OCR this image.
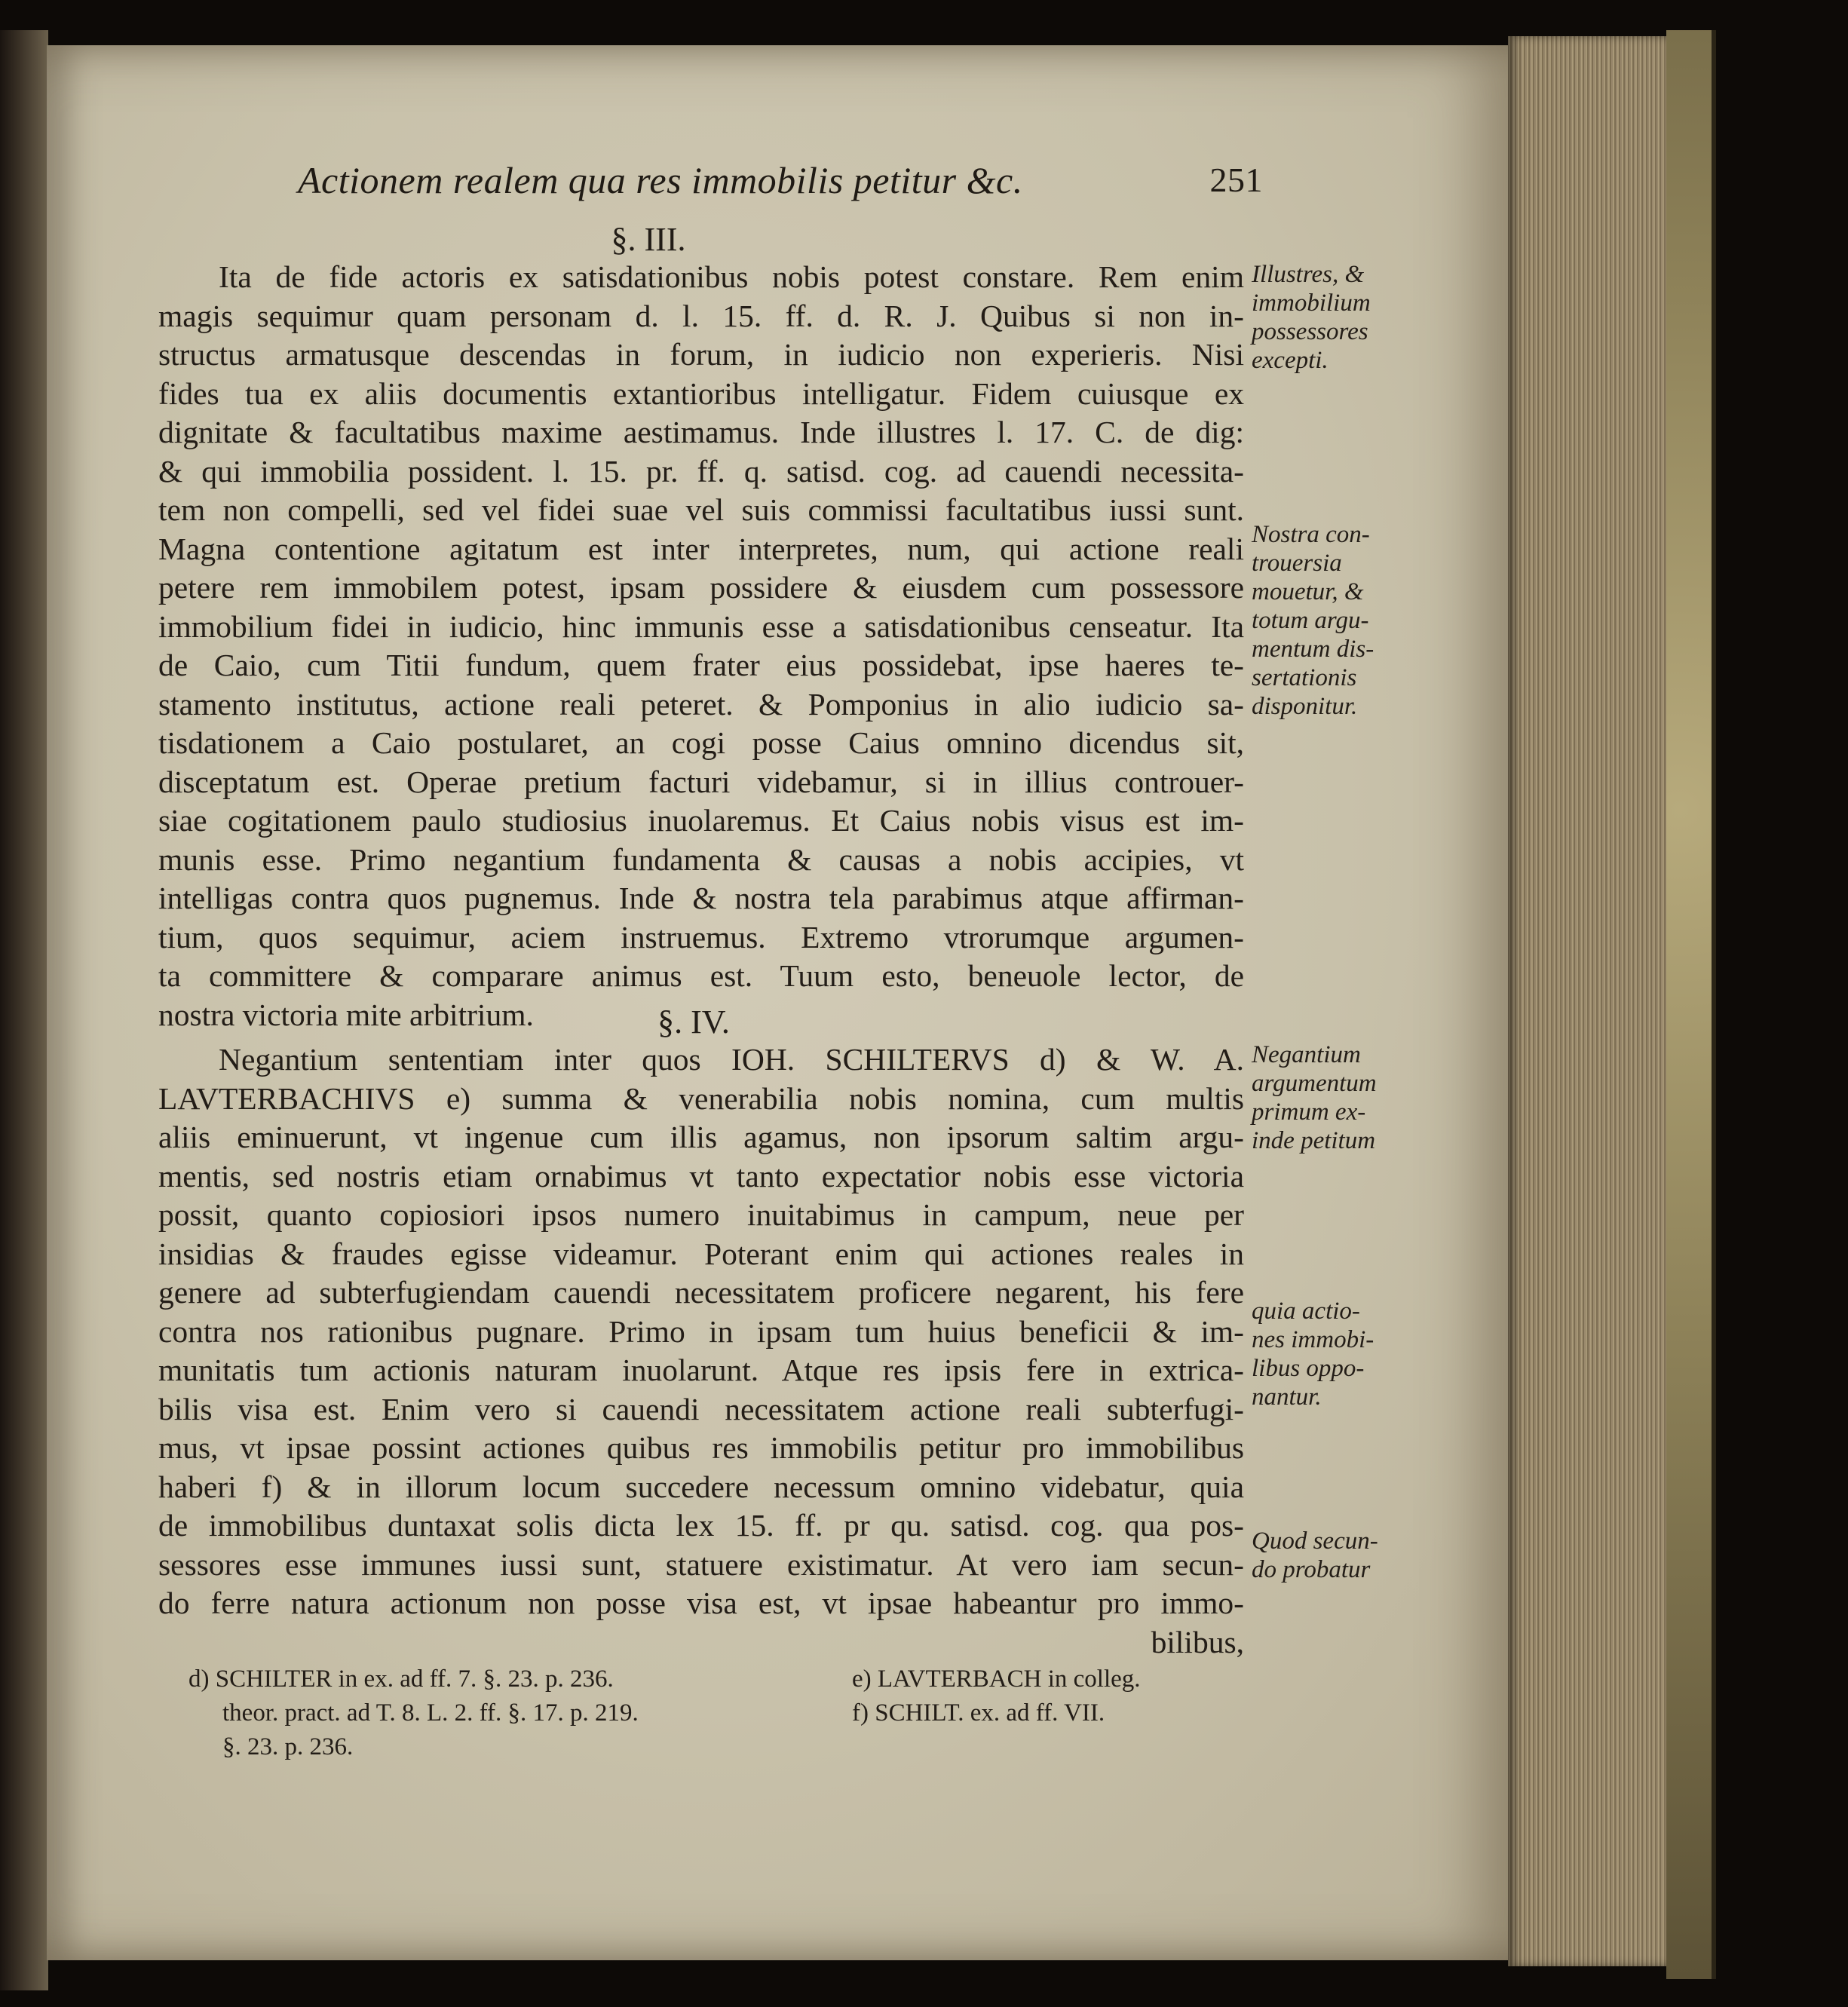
Actionem realem qua res immobilis petitur &c.	251
§. III.
Ita de fide actoris ex satisdationibus nobis potest constare. Rem enim
magis sequimur quam personam d. l. 15. ff. d. R. J. Quibus si non in-
structus armatusque descendas in forum, in iudicio non experieris. Nisi
fides tua ex aliis documentis extantioribus intelligatur. Fidem cuiusque ex
dignitate & facultatibus maxime aestimamus. Inde illustres l. 17. C. de dig:
& qui immobilia possident. l. 15. pr. ff. q. satisd. cog. ad cauendi necessita-
tem non compelli, sed vel fidei suae vel suis commissi facultatibus iussi sunt.
Magna contentione agitatum est inter interpretes, num, qui actione reali
petere rem immobilem potest, ipsam possidere & eiusdem cum possessore
immobilium fidei in iudicio, hinc immunis esse a satisdationibus censeatur. Ita
de Caio, cum Titii fundum, quem frater eius possidebat, ipse haeres te-
stamento institutus, actione reali peteret. & Pomponius in alio iudicio sa-
tisdationem a Caio postularet, an cogi posse Caius omnino dicendus sit,
disceptatum est. Operae pretium facturi videbamur, si in illius controuer-
siae cogitationem paulo studiosius inuolaremus. Et Caius nobis visus est im-
munis esse. Primo negantium fundamenta & causas a nobis accipies, vt
intelligas contra quos pugnemus. Inde & nostra tela parabimus atque affirman-
tium, quos sequimur, aciem instruemus. Extremo vtrorumque argumen-
ta committere & comparare animus est. Tuum esto, beneuole lector, de
nostra victoria mite arbitrium.	§. IV.
Negantium sententiam inter quos IOH. SCHILTERVS d) & W. A.
LAVTERBACHIVS e) summa & venerabilia nobis nomina, cum multis
aliis eminuerunt, vt ingenue cum illis agamus, non ipsorum saltim argu-
mentis, sed nostris etiam ornabimus vt tanto expectatior nobis esse victoria
possit, quanto copiosiori ipsos numero inuitabimus in campum, neue per
insidias & fraudes egisse videamur. Poterant enim qui actiones reales in
genere ad subterfugiendam cauendi necessitatem proficere negarent, his fere
contra nos rationibus pugnare. Primo in ipsam tum huius beneficii & im-
munitatis tum actionis naturam inuolarunt. Atque res ipsis fere in extrica-
bilis visa est. Enim vero si cauendi necessitatem actione reali subterfugi-
mus, vt ipsae possint actiones quibus res immobilis petitur pro immobilibus
haberi f) & in illorum locum succedere necessum omnino videbatur, quia
de immobilibus duntaxat solis dicta lex 15. ff. pr qu. satisd. cog. qua pos-
sessores esse immunes iussi sunt, statuere existimatur. At vero iam secun-
do ferre natura actionum non posse visa est, vt ipsae habeantur pro immo-
bilibus,
Illustres, &
immobilium
possessores
excepti.
Nostra con-
trouersia
mouetur, &
totum argu-
mentum dis-
sertationis
disponitur.
Negantium
argumentum
primum ex-
inde petitum
quia actio-
nes immobi-
libus oppo-
nantur.
Quod secun-
do probatur
d) SCHILTER in ex. ad ff. 7. §. 23. p. 236.
theor. pract. ad T. 8. L. 2. ff. §. 17. p. 219.
§. 23. p. 236.
e) LAVTERBACH in colleg.
f) SCHILT. ex. ad ff. VII.
